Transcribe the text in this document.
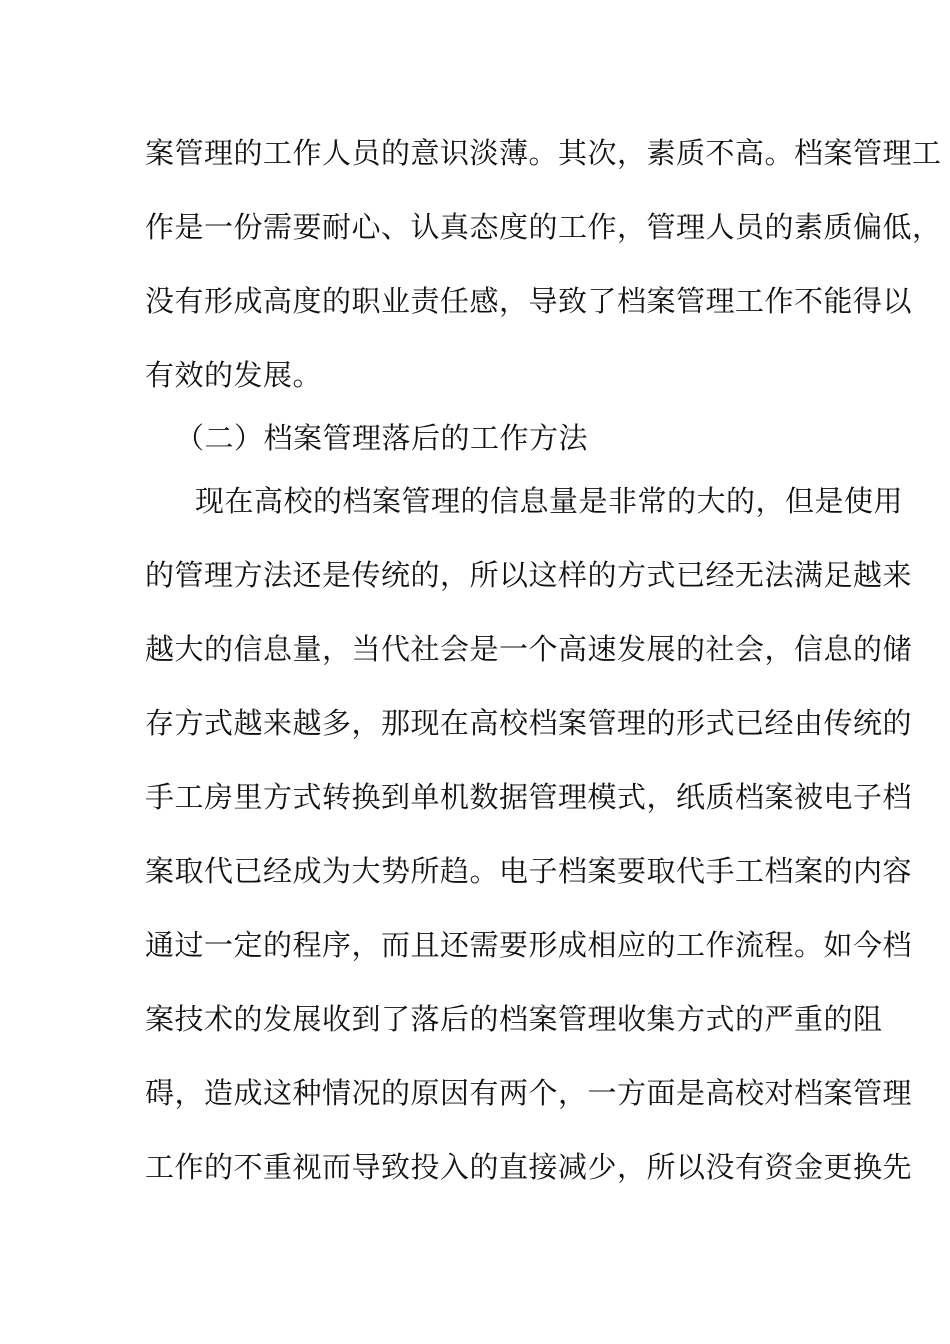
案管理的工作人员的意识淡薄。其次，素质不高。档案管理工
作是一份需要耐心、认真态度的工作，管理人员的素质偏低，
没有形成高度的职业责任感，导致了档案管理工作不能得以
有效的发展。
（二）档案管理落后的工作方法
现在高校的档案管理的信息量是非常的大的，但是使用
的管理方法还是传统的，所以这样的方式已经无法满足越来
越大的信息量，当代社会是一个高速发展的社会，信息的储
存方式越来越多，那现在高校档案管理的形式已经由传统的
手工房里方式转换到单机数据管理模式，纸质档案被电子档
案取代已经成为大势所趋。电子档案要取代手工档案的内容
通过一定的程序，而且还需要形成相应的工作流程。如今档
案技术的发展收到了落后的档案管理收集方式的严重的阻
碍，造成这种情况的原因有两个，一方面是高校对档案管理
工作的不重视而导致投入的直接减少，所以没有资金更换先
